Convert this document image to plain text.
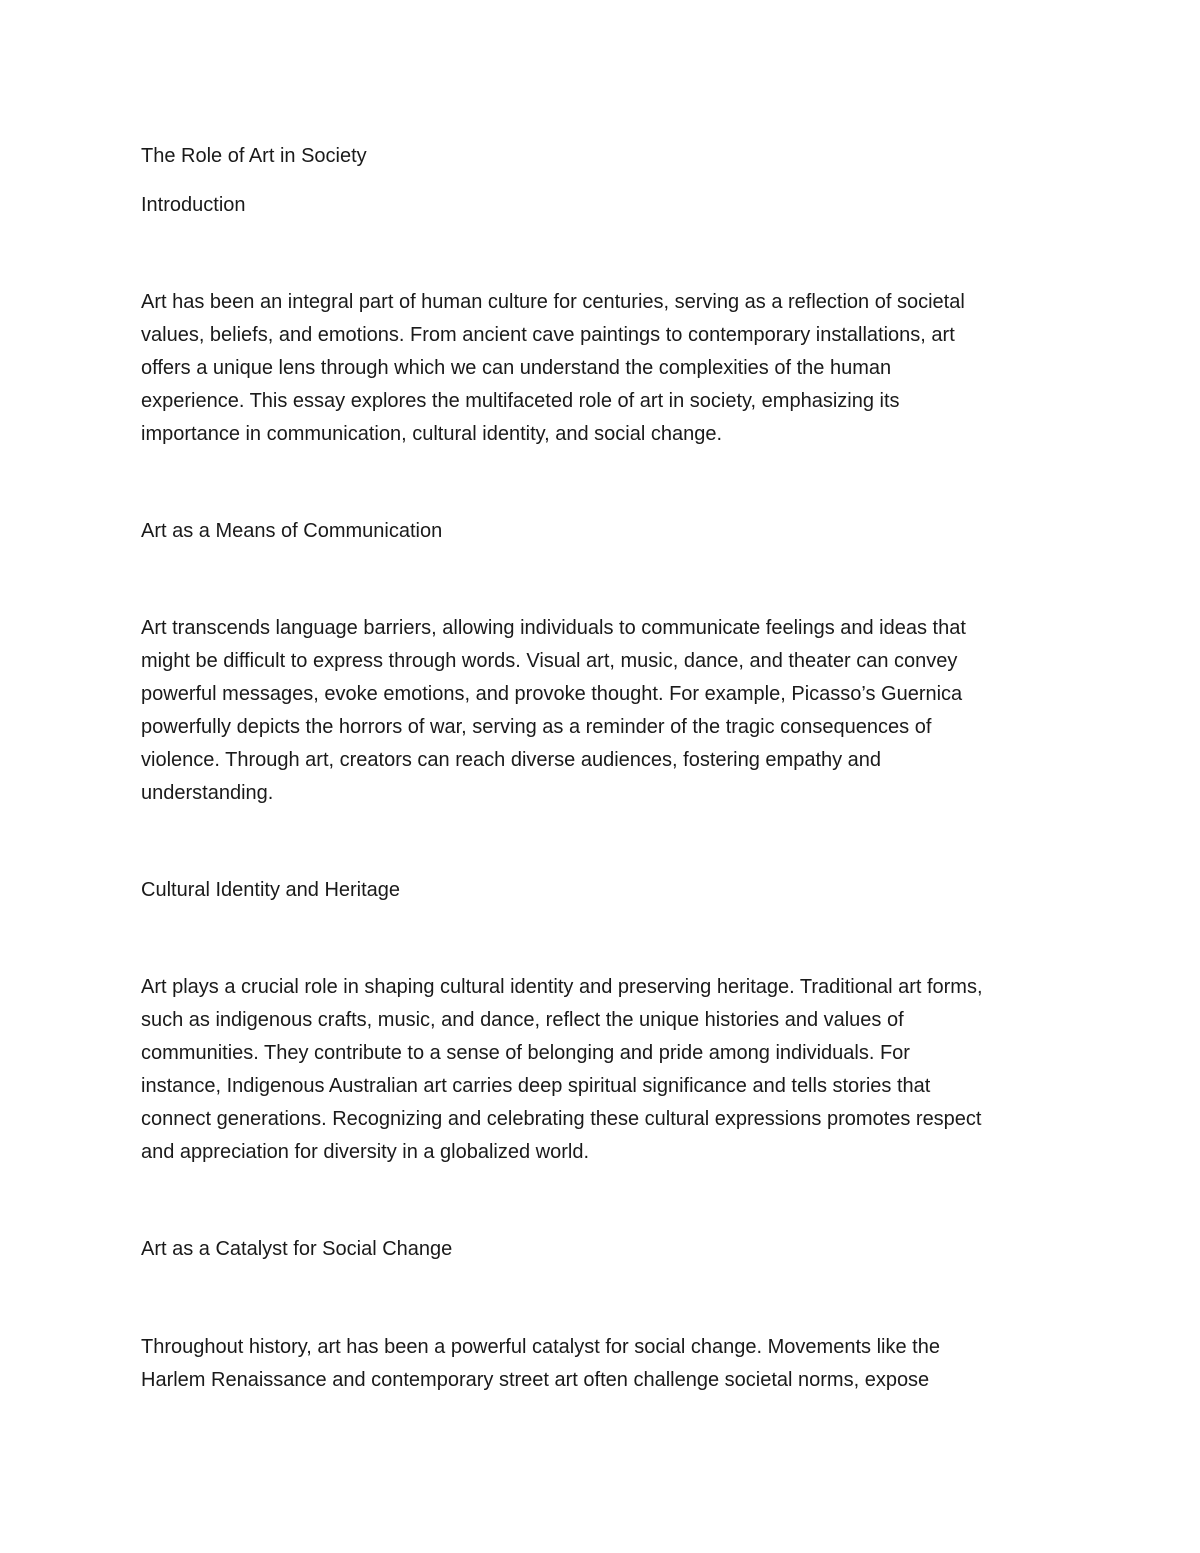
The Role of Art in Society

Introduction

Art has been an integral part of human culture for centuries, serving as a reflection of societal
values, beliefs, and emotions. From ancient cave paintings to contemporary installations, art
offers a unique lens through which we can understand the complexities of the human
experience. This essay explores the multifaceted role of art in society, emphasizing its
importance in communication, cultural identity, and social change.

Art as a Means of Communication

Art transcends language barriers, allowing individuals to communicate feelings and ideas that
might be difficult to express through words. Visual art, music, dance, and theater can convey
powerful messages, evoke emotions, and provoke thought. For example, Picasso’s Guernica
powerfully depicts the horrors of war, serving as a reminder of the tragic consequences of
violence. Through art, creators can reach diverse audiences, fostering empathy and
understanding.

Cultural Identity and Heritage

Art plays a crucial role in shaping cultural identity and preserving heritage. Traditional art forms,
such as indigenous crafts, music, and dance, reflect the unique histories and values of
communities. They contribute to a sense of belonging and pride among individuals. For
instance, Indigenous Australian art carries deep spiritual significance and tells stories that
connect generations. Recognizing and celebrating these cultural expressions promotes respect
and appreciation for diversity in a globalized world.

Art as a Catalyst for Social Change

Throughout history, art has been a powerful catalyst for social change. Movements like the
Harlem Renaissance and contemporary street art often challenge societal norms, expose
